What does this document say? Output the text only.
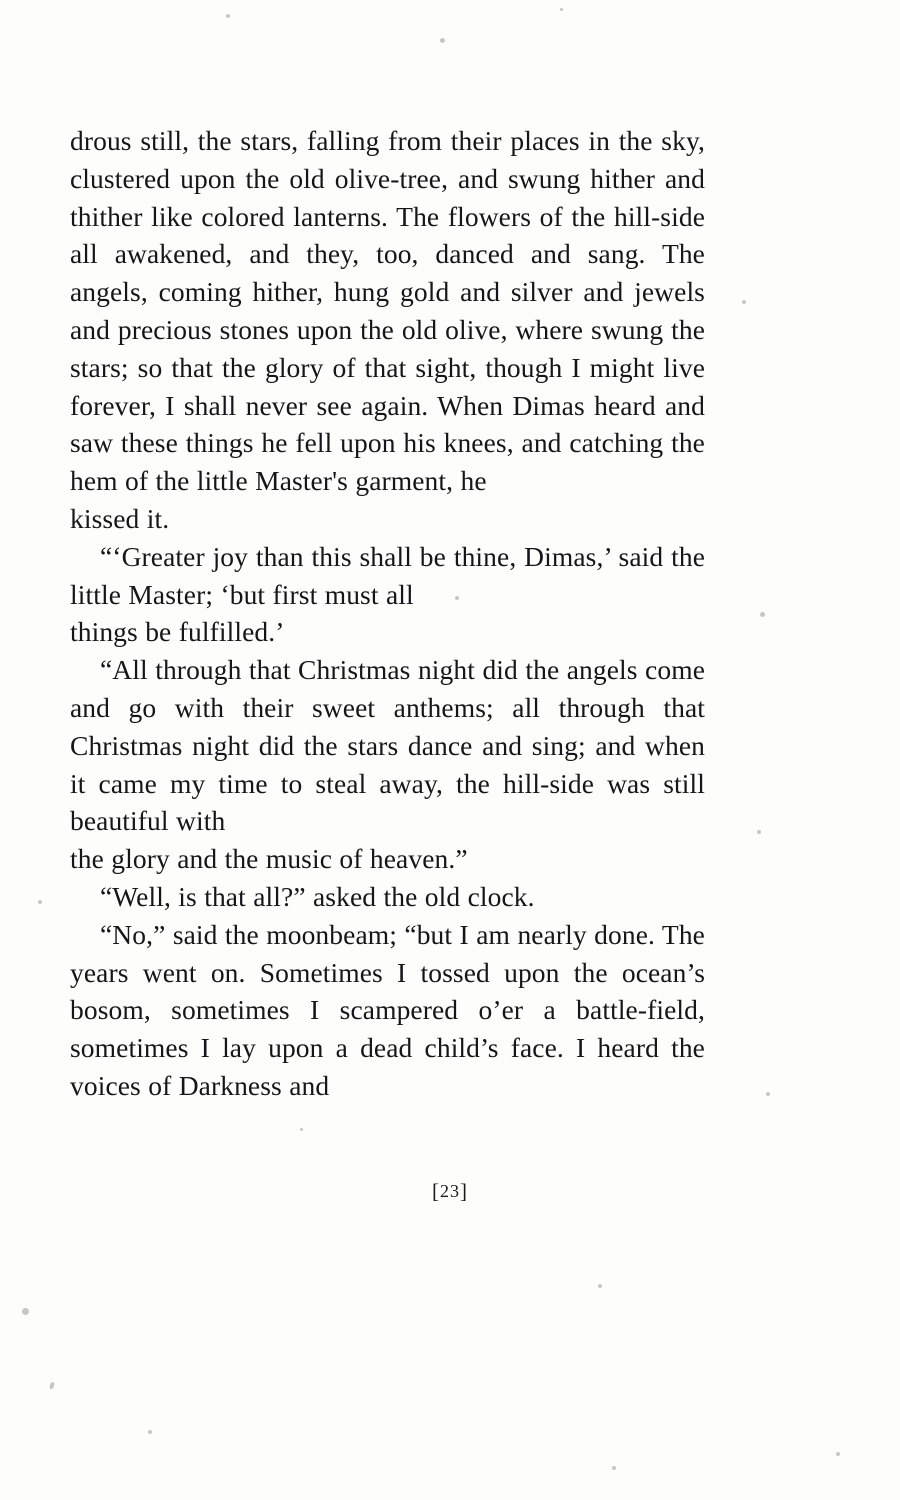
drous still, the stars, falling from their places in the sky, clustered upon the old olive-tree, and swung hither and thither like colored lanterns. The flowers of the hill-side all awakened, and they, too, danced and sang. The angels, coming hither, hung gold and silver and jewels and precious stones upon the old olive, where swung the stars; so that the glory of that sight, though I might live forever, I shall never see again. When Dimas heard and saw these things he fell upon his knees, and catching the hem of the little Master's garment, he
kissed it.

“‘Greater joy than this shall be thine, Dimas,’ said the little Master; ‘but first must all
things be fulfilled.’

“All through that Christmas night did the angels come and go with their sweet anthems; all through that Christmas night did the stars dance and sing; and when it came my time to steal away, the hill-side was still beautiful with
the glory and the music of heaven.”

“Well, is that all?” asked the old clock.

“No,” said the moonbeam; “but I am nearly done. The years went on. Sometimes I tossed upon the ocean’s bosom, sometimes I scampered o’er a battle-field, sometimes I lay upon a dead child’s face. I heard the voices of Darkness and

[23]
